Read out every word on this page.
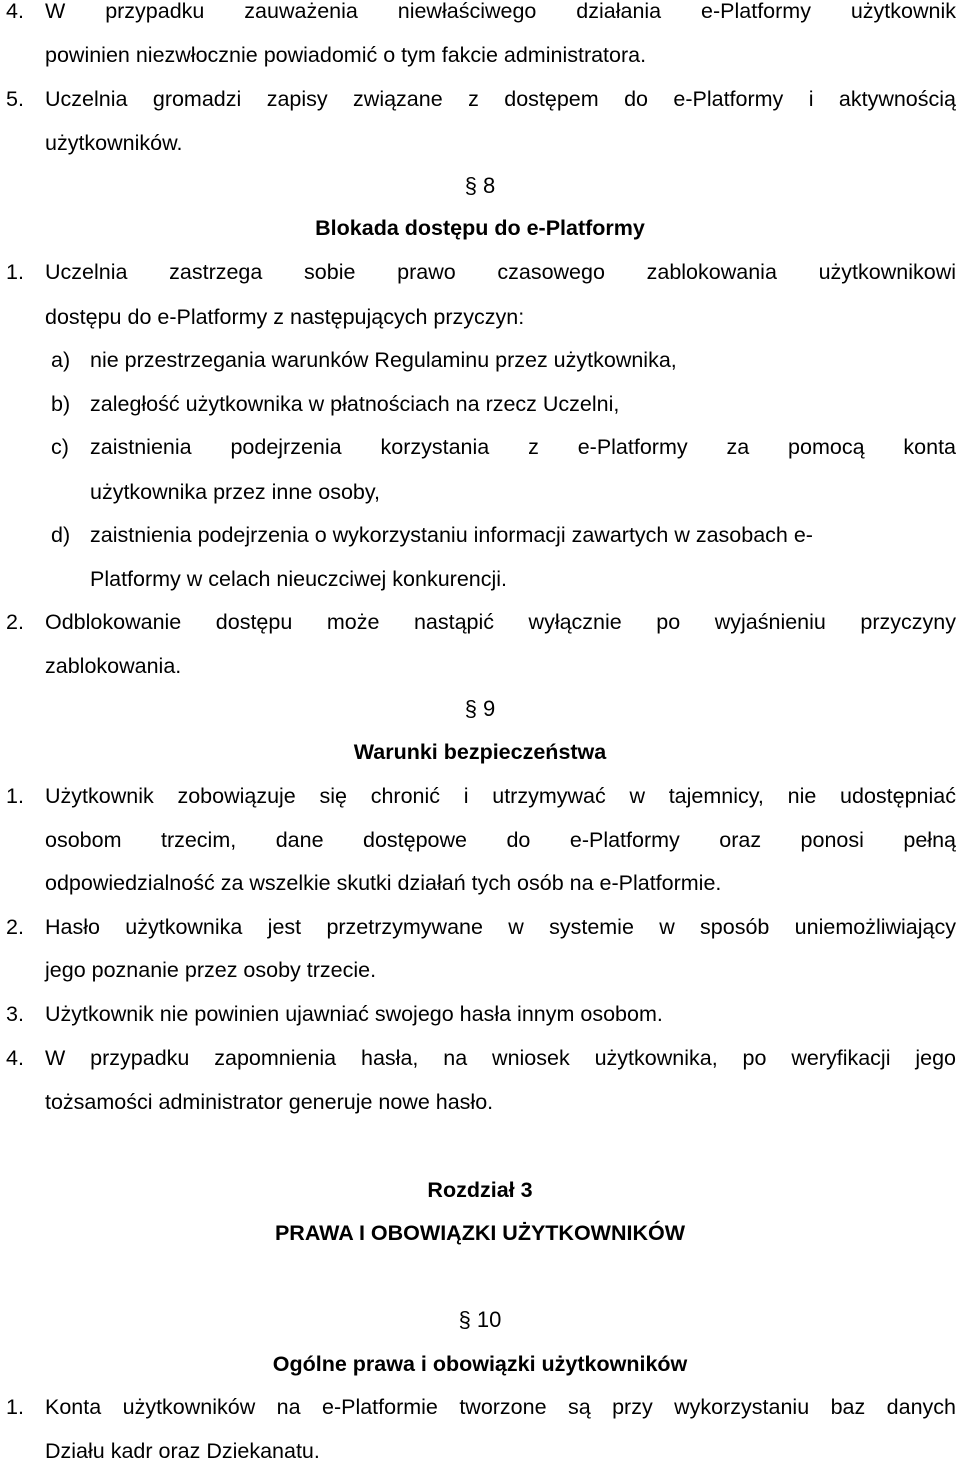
4. W przypadku zauważenia niewłaściwego działania e-Platformy użytkownik
powinien niezwłocznie powiadomić o tym fakcie administratora.
5. Uczelnia gromadzi zapisy związane z dostępem do e-Platformy i aktywnością
użytkowników.
§ 8
Blokada dostępu do e-Platformy
1. Uczelnia zastrzega sobie prawo czasowego zablokowania użytkownikowi
dostępu do e-Platformy z następujących przyczyn:
a) nie przestrzegania warunków Regulaminu przez użytkownika,
b) zaległość użytkownika w płatnościach na rzecz Uczelni,
c) zaistnienia podejrzenia korzystania z e-Platformy za pomocą konta
użytkownika przez inne osoby,
d) zaistnienia podejrzenia o wykorzystaniu informacji zawartych w zasobach e-
Platformy w celach nieuczciwej konkurencji.
2. Odblokowanie dostępu może nastąpić wyłącznie po wyjaśnieniu przyczyny
zablokowania.
§ 9
Warunki bezpieczeństwa
1. Użytkownik zobowiązuje się chronić i utrzymywać w tajemnicy, nie udostępniać
osobom trzecim, dane dostępowe do e-Platformy oraz ponosi pełną
odpowiedzialność za wszelkie skutki działań tych osób na e-Platformie.
2. Hasło użytkownika jest przetrzymywane w systemie w sposób uniemożliwiający
jego poznanie przez osoby trzecie.
3. Użytkownik nie powinien ujawniać swojego hasła innym osobom.
4. W przypadku zapomnienia hasła, na wniosek użytkownika, po weryfikacji jego
tożsamości administrator generuje nowe hasło.
Rozdział 3
PRAWA I OBOWIĄZKI UŻYTKOWNIKÓW
§ 10
Ogólne prawa i obowiązki użytkowników
1. Konta użytkowników na e-Platformie tworzone są przy wykorzystaniu baz danych
Działu kadr oraz Dziekanatu.
